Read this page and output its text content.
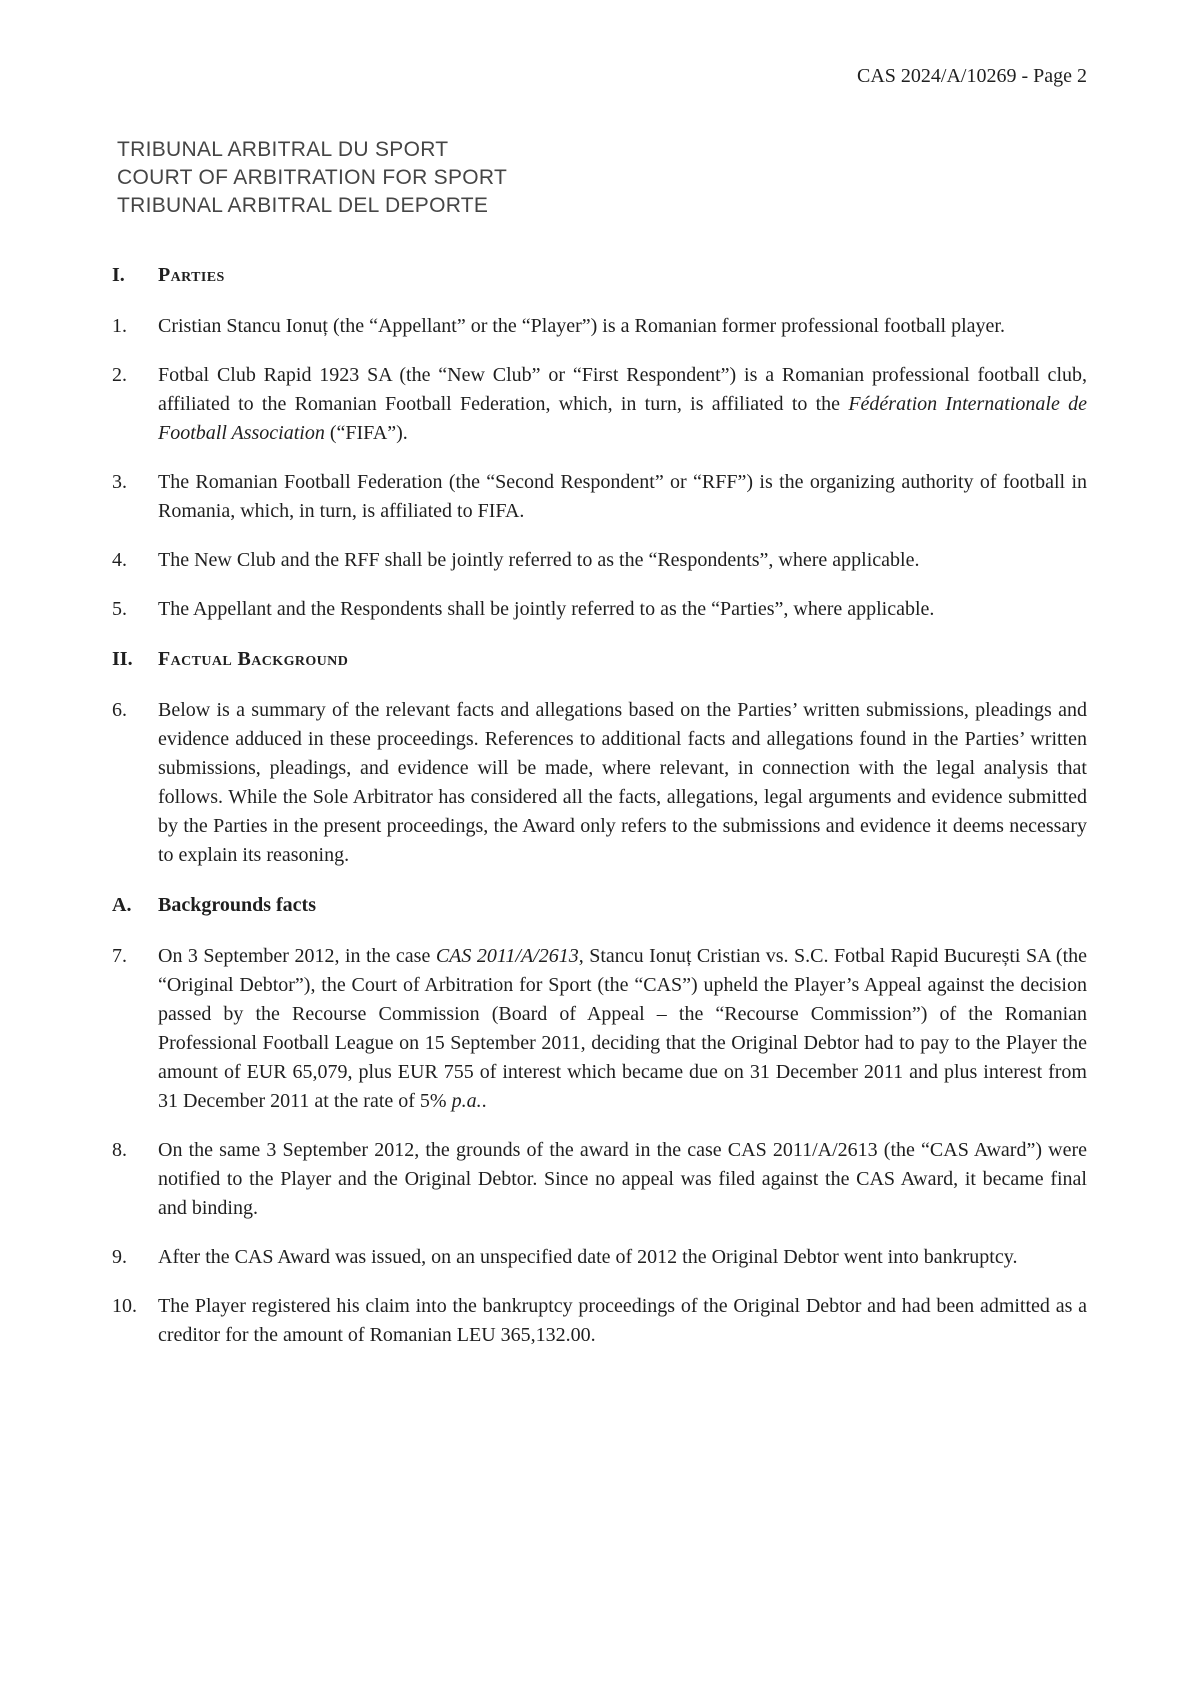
CAS 2024/A/10269 - Page 2
TRIBUNAL ARBITRAL DU SPORT
COURT OF ARBITRATION FOR SPORT
TRIBUNAL ARBITRAL DEL DEPORTE
I.	Parties
1.	Cristian Stancu Ionuț (the “Appellant” or the “Player”) is a Romanian former professional football player.
2.	Fotbal Club Rapid 1923 SA (the “New Club” or “First Respondent”) is a Romanian professional football club, affiliated to the Romanian Football Federation, which, in turn, is affiliated to the Fédération Internationale de Football Association (“FIFA”).
3.	The Romanian Football Federation (the “Second Respondent” or “RFF”) is the organizing authority of football in Romania, which, in turn, is affiliated to FIFA.
4.	The New Club and the RFF shall be jointly referred to as the “Respondents”, where applicable.
5.	The Appellant and the Respondents shall be jointly referred to as the “Parties”, where applicable.
II.	Factual Background
6.	Below is a summary of the relevant facts and allegations based on the Parties’ written submissions, pleadings and evidence adduced in these proceedings. References to additional facts and allegations found in the Parties’ written submissions, pleadings, and evidence will be made, where relevant, in connection with the legal analysis that follows. While the Sole Arbitrator has considered all the facts, allegations, legal arguments and evidence submitted by the Parties in the present proceedings, the Award only refers to the submissions and evidence it deems necessary to explain its reasoning.
A.	Backgrounds facts
7.	On 3 September 2012, in the case CAS 2011/A/2613, Stancu Ionuț Cristian vs. S.C. Fotbal Rapid București SA (the “Original Debtor”), the Court of Arbitration for Sport (the “CAS”) upheld the Player’s Appeal against the decision passed by the Recourse Commission (Board of Appeal – the “Recourse Commission”) of the Romanian Professional Football League on 15 September 2011, deciding that the Original Debtor had to pay to the Player the amount of EUR 65,079, plus EUR 755 of interest which became due on 31 December 2011 and plus interest from 31 December 2011 at the rate of 5% p.a..
8.	On the same 3 September 2012, the grounds of the award in the case CAS 2011/A/2613 (the “CAS Award”) were notified to the Player and the Original Debtor. Since no appeal was filed against the CAS Award, it became final and binding.
9.	After the CAS Award was issued, on an unspecified date of 2012 the Original Debtor went into bankruptcy.
10.	The Player registered his claim into the bankruptcy proceedings of the Original Debtor and had been admitted as a creditor for the amount of Romanian LEU 365,132.00.
